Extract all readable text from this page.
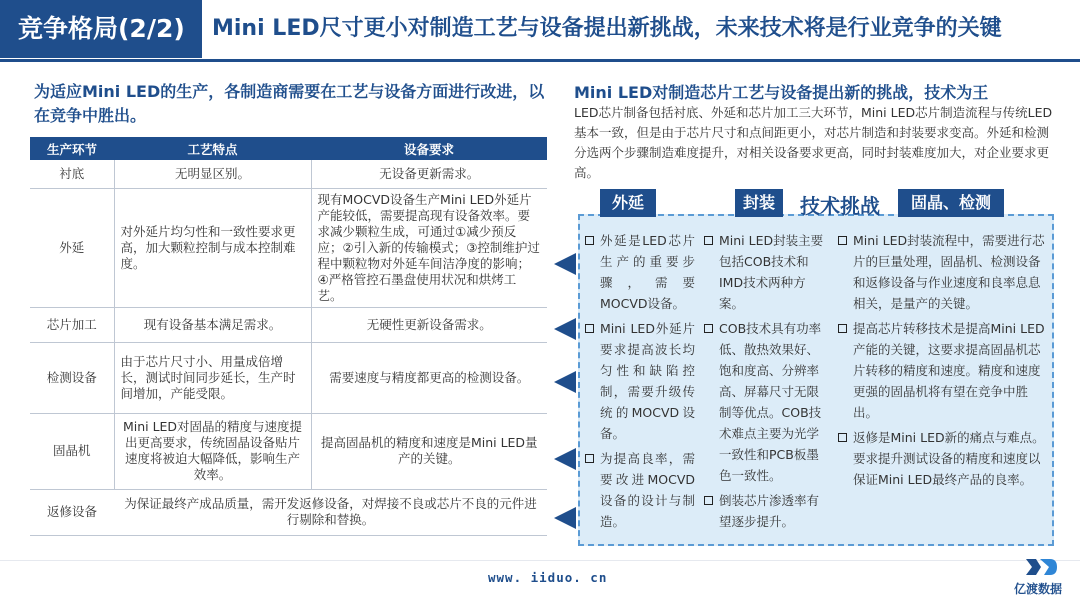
竞争格局(2/2)	Mini LED尺寸更小对制造工艺与设备提出新挑战，未来技术将是行业竞争的关键
为适应Mini LED的生产，各制造商需要在工艺与设备方面进行改进，以在竞争中胜出。
生产环节	工艺特点	设备要求
衬底	无明显区别。	无设备更新需求。
外延	对外延片均匀性和一致性要求更高，加大颗粒控制与成本控制难度。	现有MOCVD设备生产Mini LED外延片产能较低，需要提高现有设备效率。要求减少颗粒生成，可通过①减少预反应；②引入新的传输模式；③控制维护过程中颗粒物对外延车间洁净度的影响；④严格管控石墨盘使用状况和烘烤工艺。
芯片加工	现有设备基本满足需求。	无硬性更新设备需求。
检测设备	由于芯片尺寸小、用量成倍增长，测试时间同步延长，生产时间增加，产能受限。	需要速度与精度都更高的检测设备。
固晶机	Mini LED对固晶的精度与速度提出更高要求，传统固晶设备贴片速度将被迫大幅降低，影响生产效率。	提高固晶机的精度和速度是Mini LED量产的关键。
返修设备	为保证最终产成品质量，需开发返修设备，对焊接不良或芯片不良的元件进行剔除和替换。	
Mini LED对制造芯片工艺与设备提出新的挑战，技术为王
LED芯片制备包括衬底、外延和芯片加工三大环节，Mini LED芯片制造流程与传统LED基本一致，但是由于芯片尺寸和点间距更小，对芯片制造和封装要求变高。外延和检测分选两个步骤制造难度提升，对相关设备要求更高，同时封装难度加大，对企业要求更高。
外延	封装	技术挑战	固晶、检测
外延是LED芯片生产的重要步骤，需要MOCVD设备。
Mini LED外延片要求提高波长均匀性和缺陷控制，需要升级传统的MOCVD设备。
为提高良率，需要改进MOCVD设备的设计与制造。
Mini LED封装主要包括COB技术和IMD技术两种方案。
COB技术具有功率低、散热效果好、饱和度高、分辨率高、屏幕尺寸无限制等优点。COB技术难点主要为光学一致性和PCB板墨色一致性。
倒装芯片渗透率有望逐步提升。
Mini LED封装流程中，需要进行芯片的巨量处理，固晶机、检测设备和返修设备与作业速度和良率息息相关，是量产的关键。
提高芯片转移技术是提高Mini LED产能的关键，这要求提高固晶机芯片转移的精度和速度。精度和速度更强的固晶机将有望在竞争中胜出。
返修是Mini LED新的痛点与难点。要求提升测试设备的精度和速度以保证Mini LED最终产品的良率。
www. iiduo. cn
亿渡数据
